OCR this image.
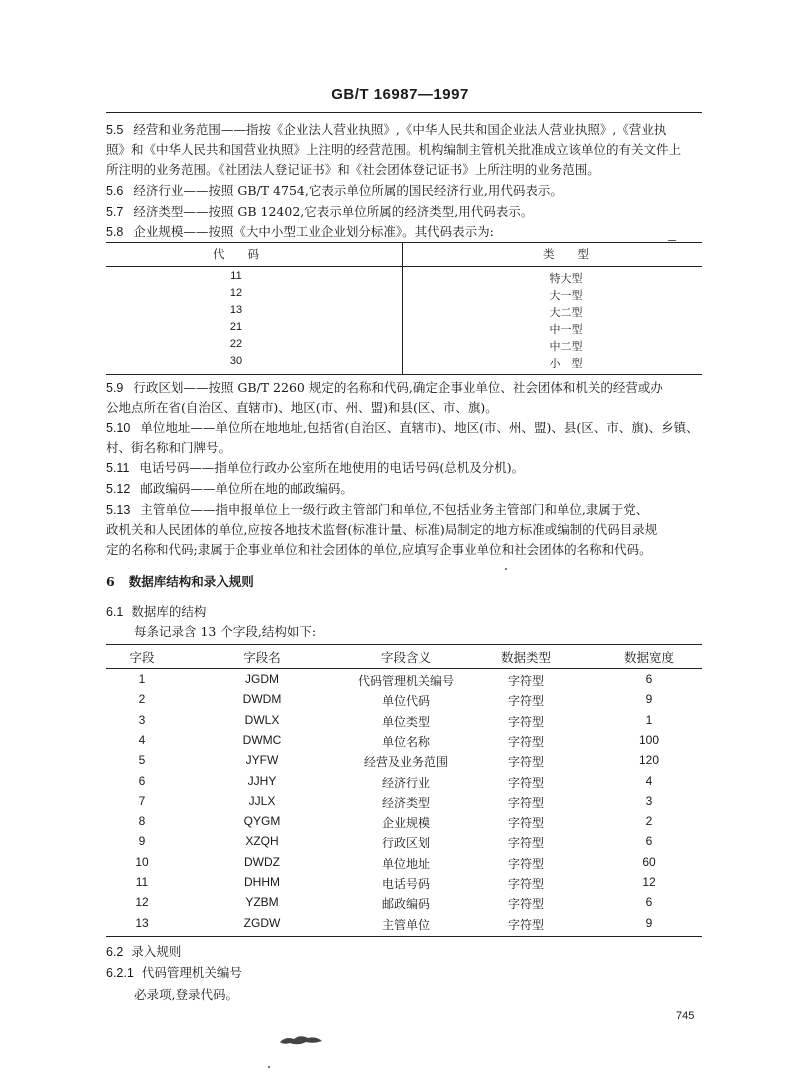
GB/T 16987—1997
5.5 经营和业务范围——指按《企业法人营业执照》,《中华人民共和国企业法人营业执照》,《营业执
照》和《中华人民共和国营业执照》上注明的经营范围。机构编制主管机关批准成立该单位的有关文件上
所注明的业务范围。《社团法人登记证书》和《社会团体登记证书》上所注明的业务范围。
5.6 经济行业——按照 GB/T 4754,它表示单位所属的国民经济行业,用代码表示。
5.7 经济类型——按照 GB 12402,它表示单位所属的经济类型,用代码表示。
5.8 企业规模——按照《大中小型工业企业划分标准》。其代码表示为:
代　　码	类　　型
11	特大型
12	大一型
13	大二型
21	中一型
22	中二型
30	小　型
5.9 行政区划——按照 GB/T 2260 规定的名称和代码,确定企事业单位、社会团体和机关的经营或办
公地点所在省(自治区、直辖市)、地区(市、州、盟)和县(区、市、旗)。
5.10 单位地址——单位所在地地址,包括省(自治区、直辖市)、地区(市、州、盟)、县(区、市、旗)、乡镇、
村、街名称和门牌号。
5.11 电话号码——指单位行政办公室所在地使用的电话号码(总机及分机)。
5.12 邮政编码——单位所在地的邮政编码。
5.13 主管单位——指申报单位上一级行政主管部门和单位,不包括业务主管部门和单位,隶属于党、
政机关和人民团体的单位,应按各地技术监督(标准计量、标准)局制定的地方标准或编制的代码目录规
定的名称和代码;隶属于企事业单位和社会团体的单位,应填写企事业单位和社会团体的名称和代码。
6 数据库结构和录入规则
6.1 数据库的结构
每条记录含 13 个字段,结构如下:
字段	字段名	字段含义	数据类型	数据宽度
1	JGDM	代码管理机关编号	字符型	6
2	DWDM	单位代码	字符型	9
3	DWLX	单位类型	字符型	1
4	DWMC	单位名称	字符型	100
5	JYFW	经营及业务范围	字符型	120
6	JJHY	经济行业	字符型	4
7	JJLX	经济类型	字符型	3
8	QYGM	企业规模	字符型	2
9	XZQH	行政区划	字符型	6
10	DWDZ	单位地址	字符型	60
11	DHHM	电话号码	字符型	12
12	YZBM	邮政编码	字符型	6
13	ZGDW	主管单位	字符型	9
6.2 录入规则
6.2.1 代码管理机关编号
必录项,登录代码。
745
